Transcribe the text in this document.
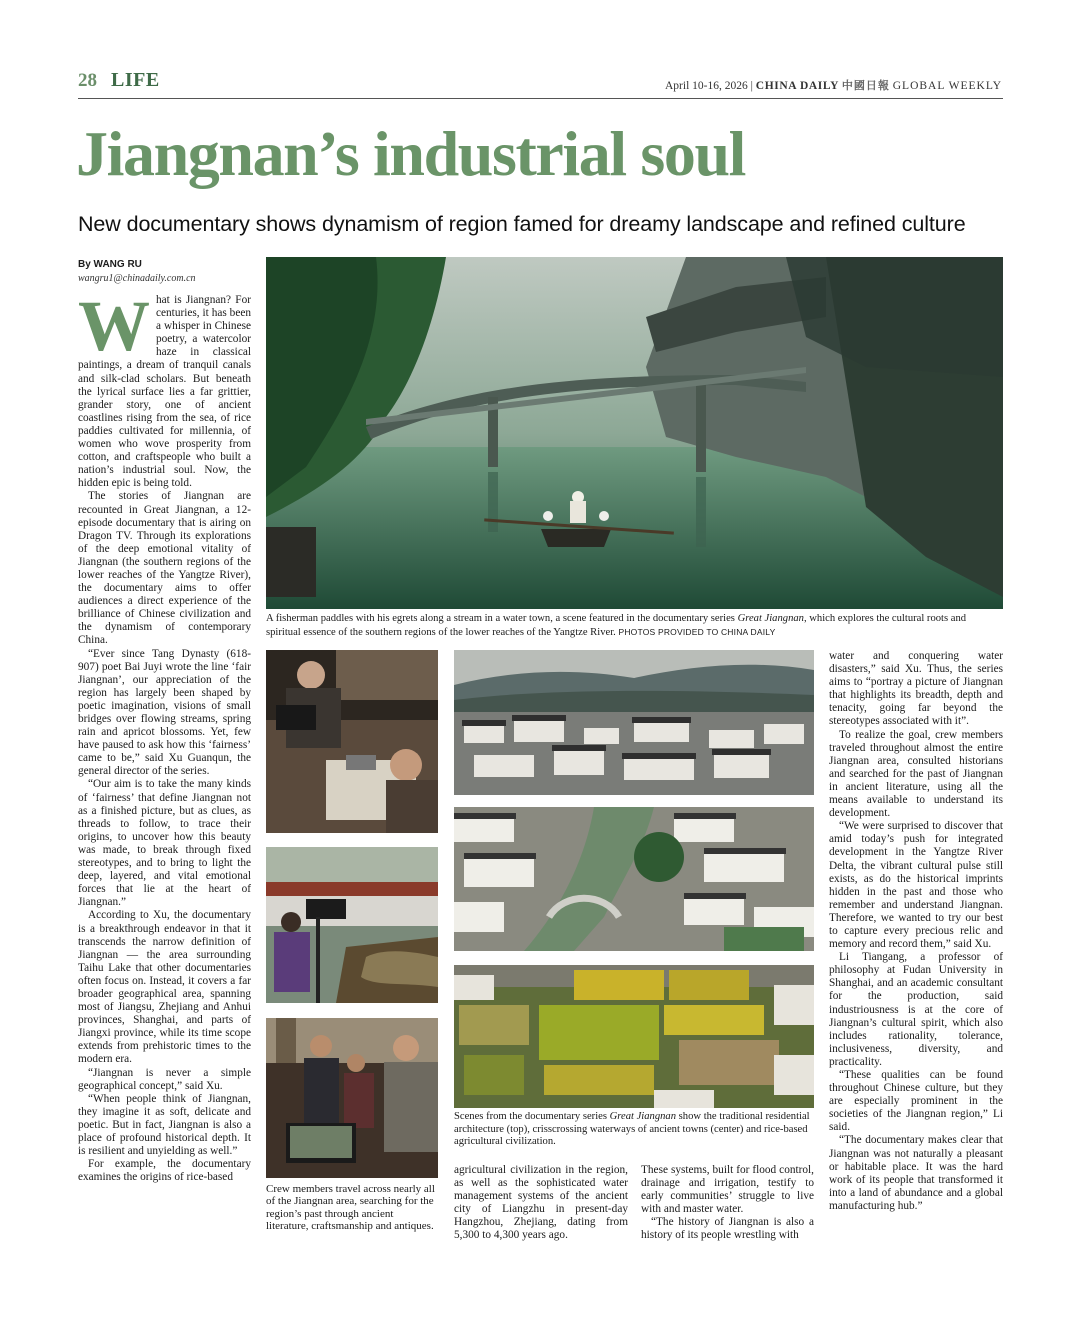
28 LIFE	April 10-16, 2026 | CHINA DAILY 中國日報 GLOBAL WEEKLY
Jiangnan’s industrial soul
New documentary shows dynamism of region famed for dreamy landscape and refined culture
By WANG RU
wangru1@chinadaily.com.cn

What is Jiangnan? For centuries, it has been a whisper in Chinese poetry, a watercolor haze in classical paintings, a dream of tranquil canals and silk-clad scholars. But beneath the lyrical surface lies a far grittier, grander story, one of ancient coastlines rising from the sea, of rice paddies cultivated for millennia, of women who wove prosperity from cotton, and craftspeople who built a nation’s industrial soul. Now, the hidden epic is being told.

The stories of Jiangnan are recounted in Great Jiangnan, a 12-episode documentary that is airing on Dragon TV. Through its explorations of the deep emotional vitality of Jiangnan (the southern regions of the lower reaches of the Yangtze River), the documentary aims to offer audiences a direct experience of the brilliance of Chinese civilization and the dynamism of contemporary China.

“Ever since Tang Dynasty (618-907) poet Bai Juyi wrote the line ‘fair Jiangnan’, our appreciation of the region has largely been shaped by poetic imagination, visions of small bridges over flowing streams, spring rain and apricot blossoms. Yet, few have paused to ask how this ‘fairness’ came to be,” said Xu Guanqun, the general director of the series.

“Our aim is to take the many kinds of ‘fairness’ that define Jiangnan not as a finished picture, but as clues, as threads to follow, to trace their origins, to uncover how this beauty was made, to break through fixed stereotypes, and to bring to light the deep, layered, and vital emotional forces that lie at the heart of Jiangnan.”

According to Xu, the documentary is a breakthrough endeavor in that it transcends the narrow definition of Jiangnan — the area surrounding Taihu Lake that other documentaries often focus on. Instead, it covers a far broader geographical area, spanning most of Jiangsu, Zhejiang and Anhui provinces, Shanghai, and parts of Jiangxi province, while its time scope extends from prehistoric times to the modern era.

“Jiangnan is never a simple geographical concept,” said Xu.

“When people think of Jiangnan, they imagine it as soft, delicate and poetic. But in fact, Jiangnan is also a place of profound historical depth. It is resilient and unyielding as well.”

For example, the documentary examines the origins of rice-based

A fisherman paddles with his egrets along a stream in a water town, a scene featured in the documentary series Great Jiangnan, which explores the cultural roots and spiritual essence of the southern regions of the lower reaches of the Yangtze River. PHOTOS PROVIDED TO CHINA DAILY
Crew members travel across nearly all of the Jiangnan area, searching for the region’s past through ancient literature, craftsmanship and antiques.
Scenes from the documentary series Great Jiangnan show the traditional residential architecture (top), crisscrossing waterways of ancient towns (center) and rice-based agricultural civilization.

agricultural civilization in the region, as well as the sophisticated water management systems of the ancient city of Liangzhu in present-day Hangzhou, Zhejiang, dating from 5,300 to 4,300 years ago.

These systems, built for flood control, drainage and irrigation, testify to early communities’ struggle to live with and master water.

“The history of Jiangnan is also a history of its people wrestling with

water and conquering water disasters,” said Xu. Thus, the series aims to “portray a picture of Jiangnan that highlights its breadth, depth and tenacity, going far beyond the stereotypes associated with it”.

To realize the goal, crew members traveled throughout almost the entire Jiangnan area, consulted historians and searched for the past of Jiangnan in ancient literature, using all the means available to understand its development.

“We were surprised to discover that amid today’s push for integrated development in the Yangtze River Delta, the vibrant cultural pulse still exists, as do the historical imprints hidden in the past and those who remember and understand Jiangnan. Therefore, we wanted to try our best to capture every precious relic and memory and record them,” said Xu.

Li Tiangang, a professor of philosophy at Fudan University in Shanghai, and an academic consultant for the production, said industriousness is at the core of Jiangnan’s cultural spirit, which also includes rationality, tolerance, inclusiveness, diversity, and practicality.

“These qualities can be found throughout Chinese culture, but they are especially prominent in the societies of the Jiangnan region,” Li said.

“The documentary makes clear that Jiangnan was not naturally a pleasant or habitable place. It was the hard work of its people that transformed it into a land of abundance and a global manufacturing hub.”
